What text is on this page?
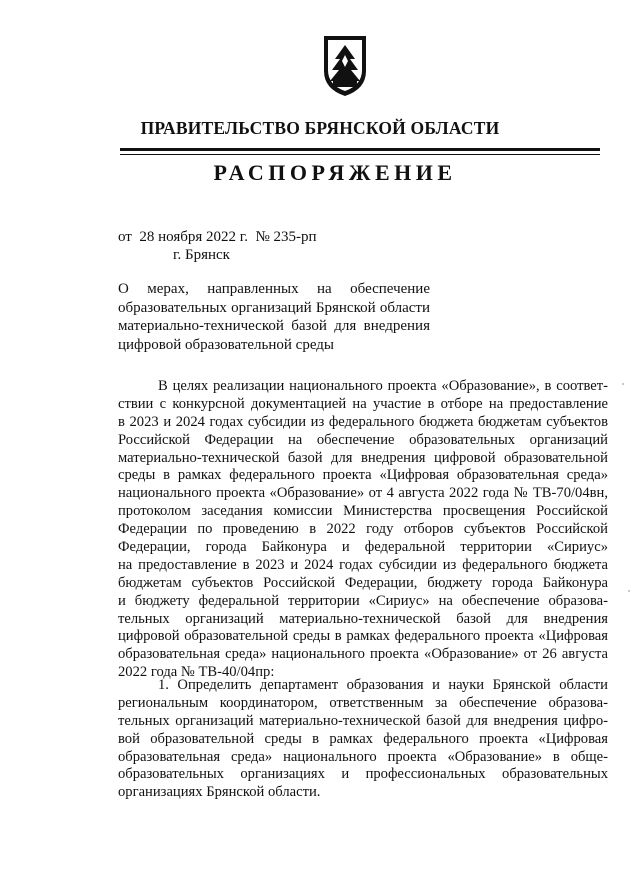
ПРАВИТЕЛЬСТВО БРЯНСКОЙ ОБЛАСТИ
РАСПОРЯЖЕНИЕ
от  28 ноября 2022 г.  № 235-рп
г. Брянск
О мерах, направленных на обеспечение образовательных организаций Брянской области материально-технической базой для внедрения цифровой образовательной среды
В целях реализации национального проекта «Образование», в соответ-
ствии с конкурсной документацией на участие в отборе на предоставление
в 2023 и 2024 годах субсидии из федерального бюджета бюджетам субъектов
Российской Федерации на обеспечение образовательных организаций
материально-технической базой для внедрения цифровой образовательной
среды в рамках федерального проекта «Цифровая образовательная среда»
национального проекта «Образование» от 4 августа 2022 года № ТВ-70/04вн,
протоколом заседания комиссии Министерства просвещения Российской
Федерации по проведению в 2022 году отборов субъектов Российской
Федерации, города Байконура и федеральной территории «Сириус»
на предоставление в 2023 и 2024 годах субсидии из федерального бюджета
бюджетам субъектов Российской Федерации, бюджету города Байконура
и бюджету федеральной территории «Сириус» на обеспечение образова-
тельных организаций материально-технической базой для внедрения
цифровой образовательной среды в рамках федерального проекта «Цифровая
образовательная среда» национального проекта «Образование» от 26 августа
2022 года № ТВ-40/04пр:
1. Определить департамент образования и науки Брянской области
региональным координатором, ответственным за обеспечение образова-
тельных организаций материально-технической базой для внедрения цифро-
вой образовательной среды в рамках федерального проекта «Цифровая
образовательная среда» национального проекта «Образование» в обще-
образовательных организациях и профессиональных образовательных
организациях Брянской области.
